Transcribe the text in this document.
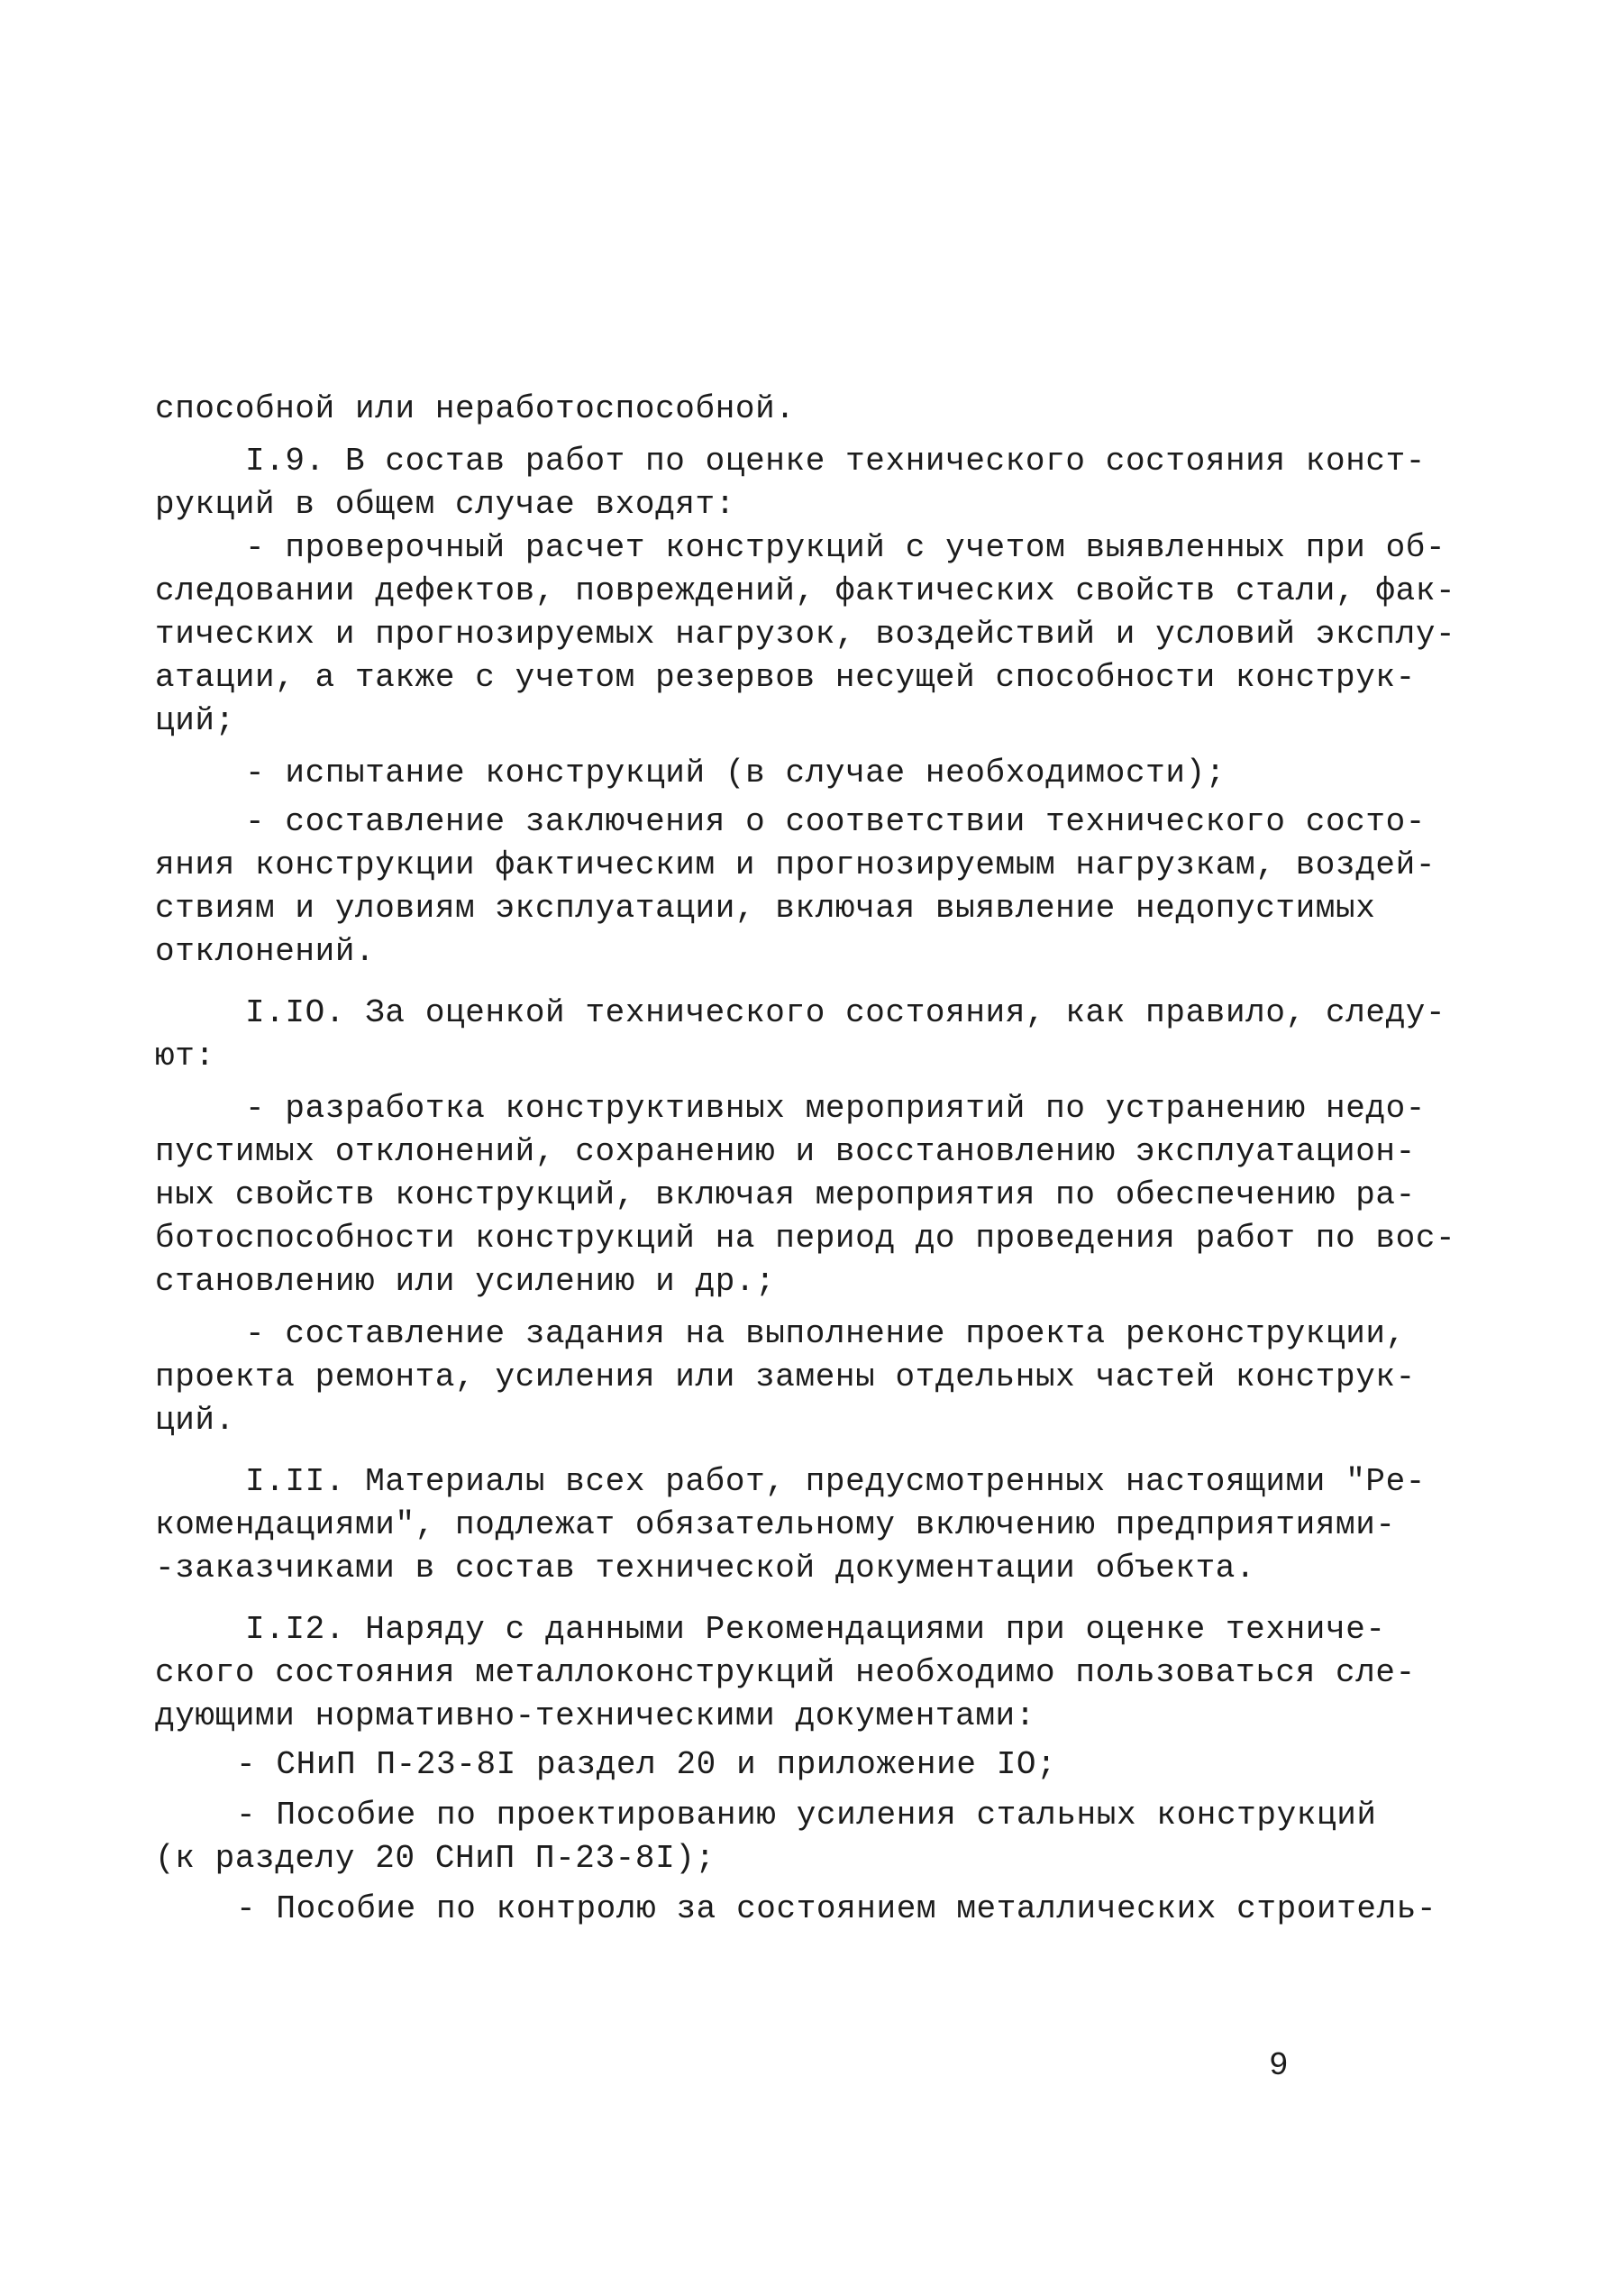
способной или неработоспособной.
I.9. В состав работ по оценке технического состояния конст-
рукций в общем случае входят:
- проверочный расчет конструкций с учетом выявленных при об-
следовании дефектов, повреждений, фактических свойств стали, фак-
тических и прогнозируемых нагрузок, воздействий и условий эксплу-
атации, а также с учетом резервов несущей способности конструк-
ций;
- испытание конструкций (в случае необходимости);
- составление заключения о соответствии технического состо-
яния конструкции фактическим и прогнозируемым нагрузкам, воздей-
ствиям и уловиям эксплуатации, включая выявление недопустимых
отклонений.
I.IO. За оценкой технического состояния, как правило, следу-
ют:
- разработка конструктивных мероприятий по устранению недо-
пустимых отклонений, сохранению и восстановлению эксплуатацион-
ных свойств конструкций, включая мероприятия по обеспечению ра-
ботоспособности конструкций на период до проведения работ по вос-
становлению или усилению и др.;
- составление задания на выполнение проекта реконструкции,
проекта ремонта, усиления или замены отдельных частей конструк-
ций.
I.II. Материалы всех работ, предусмотренных настоящими "Ре-
комендациями", подлежат обязательному включению предприятиями-
-заказчиками в состав технической документации объекта.
I.I2. Наряду с данными Рекомендациями при оценке техниче-
ского состояния металлоконструкций необходимо пользоваться сле-
дующими нормативно-техническими документами:
- СНиП П-23-8I раздел 20 и приложение IO;
- Пособие по проектированию усиления стальных конструкций
(к разделу 20 СНиП П-23-8I);
- Пособие по контролю за состоянием металлических строитель-
9
